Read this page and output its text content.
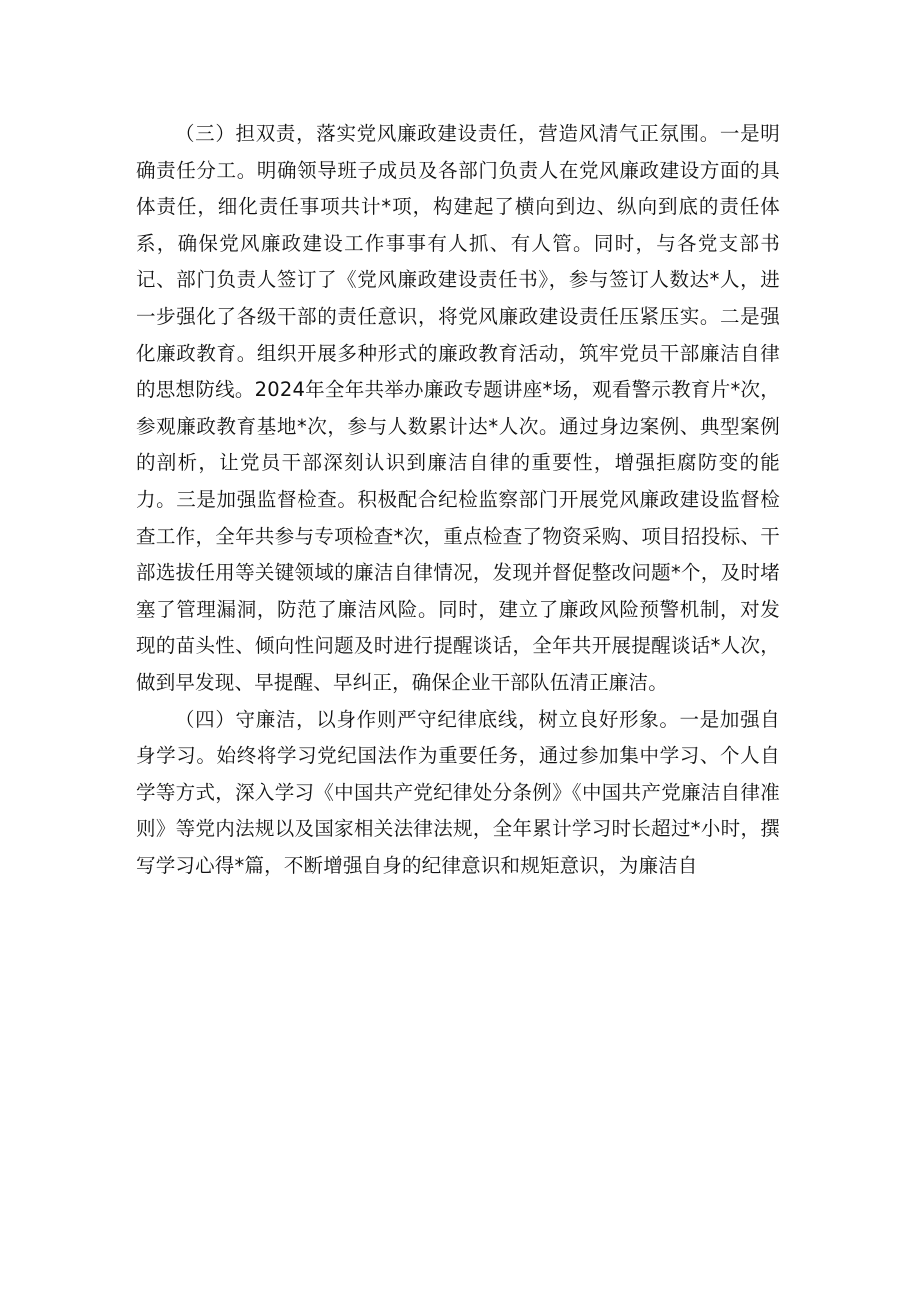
（三）担双责，落实党风廉政建设责任，营造风清气正氛围。一是明确责任分工。明确领导班子成员及各部门负责人在党风廉政建设方面的具体责任，细化责任事项共计*项，构建起了横向到边、纵向到底的责任体系，确保党风廉政建设工作事事有人抓、有人管。同时，与各党支部书记、部门负责人签订了《党风廉政建设责任书》，参与签订人数达*人，进一步强化了各级干部的责任意识，将党风廉政建设责任压紧压实。二是强化廉政教育。组织开展多种形式的廉政教育活动，筑牢党员干部廉洁自律的思想防线。2024年全年共举办廉政专题讲座*场，观看警示教育片*次，参观廉政教育基地*次，参与人数累计达*人次。通过身边案例、典型案例的剖析，让党员干部深刻认识到廉洁自律的重要性，增强拒腐防变的能力。三是加强监督检查。积极配合纪检监察部门开展党风廉政建设监督检查工作，全年共参与专项检查*次，重点检查了物资采购、项目招投标、干部选拔任用等关键领域的廉洁自律情况，发现并督促整改问题*个，及时堵塞了管理漏洞，防范了廉洁风险。同时，建立了廉政风险预警机制，对发现的苗头性、倾向性问题及时进行提醒谈话，全年共开展提醒谈话*人次，做到早发现、早提醒、早纠正，确保企业干部队伍清正廉洁。

（四）守廉洁，以身作则严守纪律底线，树立良好形象。一是加强自身学习。始终将学习党纪国法作为重要任务，通过参加集中学习、个人自学等方式，深入学习《中国共产党纪律处分条例》《中国共产党廉洁自律准则》等党内法规以及国家相关法律法规，全年累计学习时长超过*小时，撰写学习心得*篇，不断增强自身的纪律意识和规矩意识，为廉洁自
